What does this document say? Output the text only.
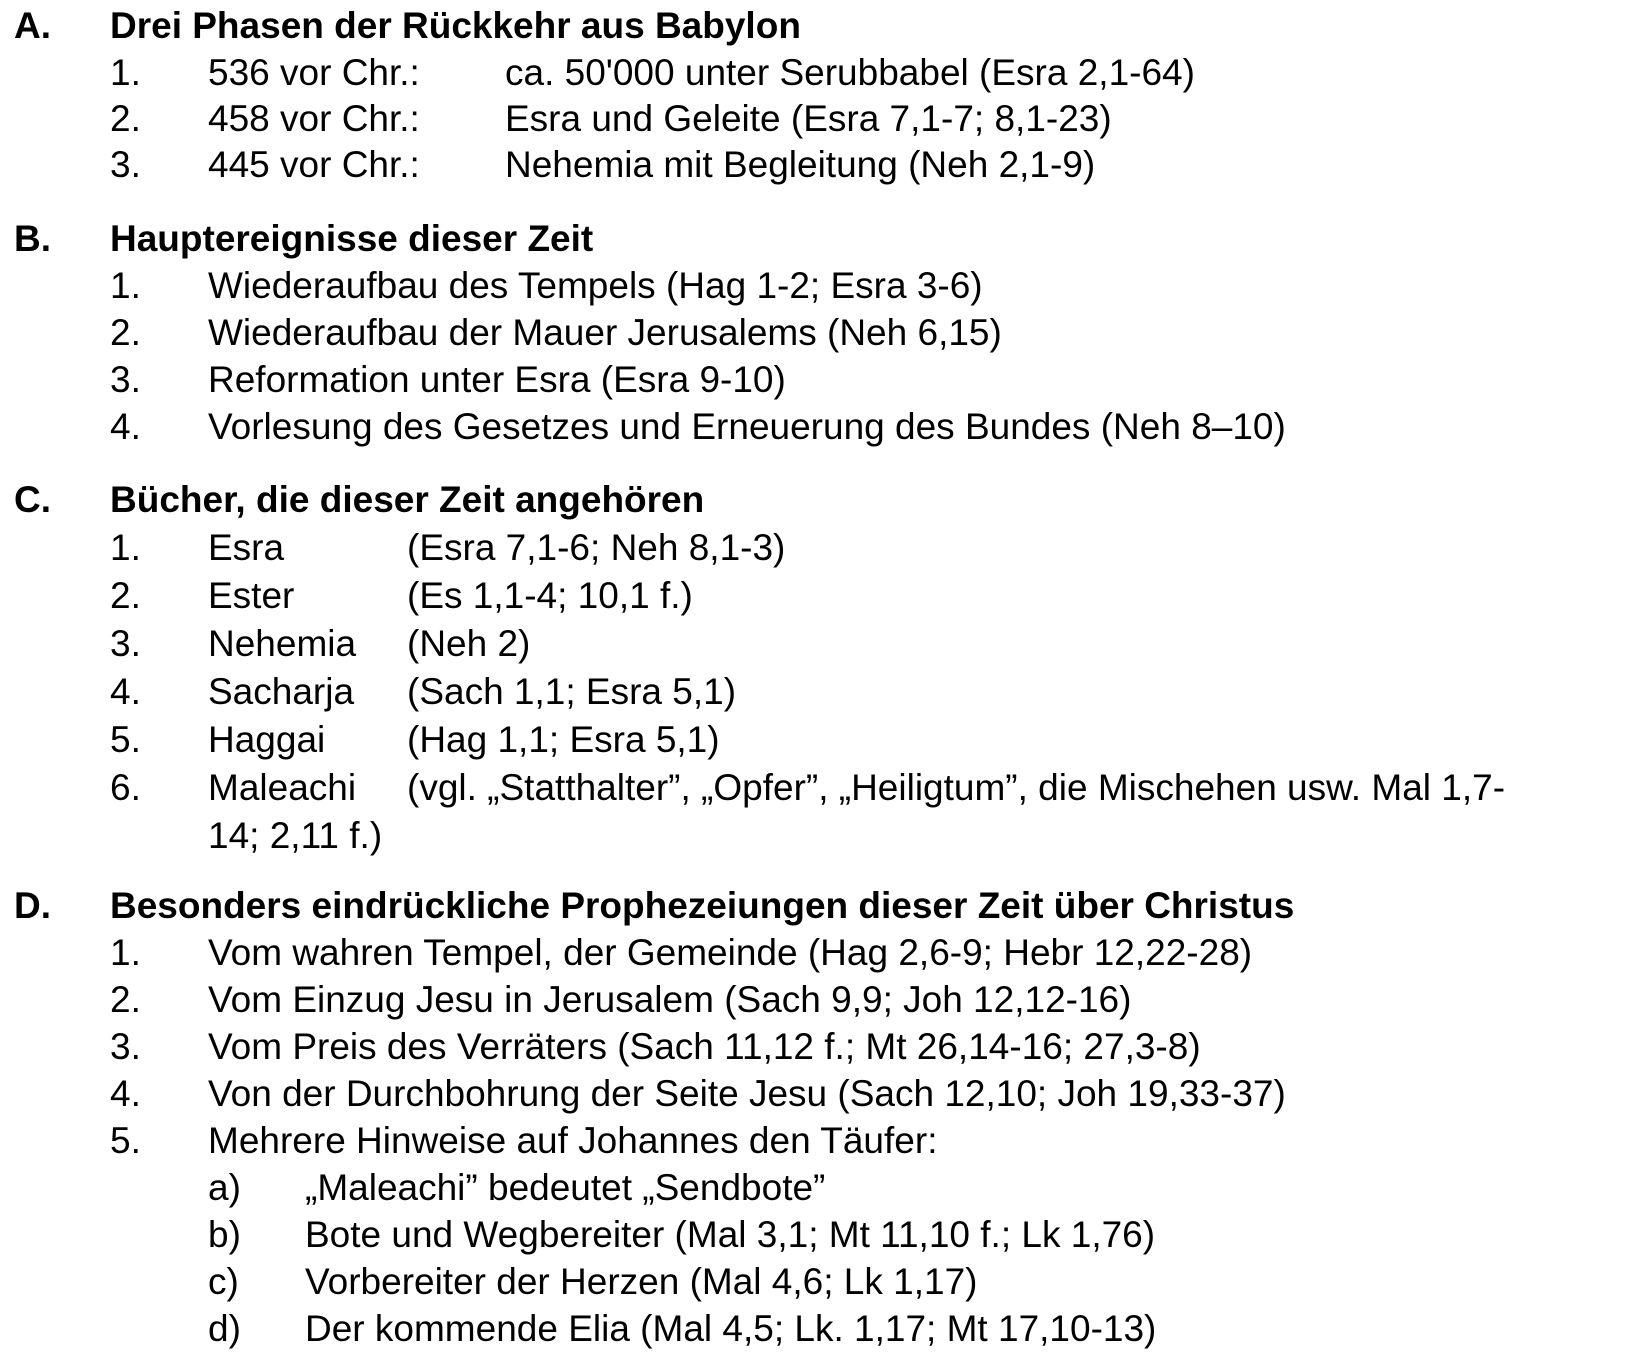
A. Drei Phasen der Rückkehr aus Babylon
1. 536 vor Chr.: ca. 50'000 unter Serubbabel (Esra 2,1-64)
2. 458 vor Chr.: Esra und Geleite (Esra 7,1-7; 8,1-23)
3. 445 vor Chr.: Nehemia mit Begleitung (Neh 2,1-9)
B. Hauptereignisse dieser Zeit
1. Wiederaufbau des Tempels (Hag 1-2; Esra 3-6)
2. Wiederaufbau der Mauer Jerusalems (Neh 6,15)
3. Reformation unter Esra (Esra 9-10)
4. Vorlesung des Gesetzes und Erneuerung des Bundes (Neh 8–10)
C. Bücher, die dieser Zeit angehören
1. Esra	(Esra 7,1-6; Neh 8,1-3)
2. Ester	(Es 1,1-4; 10,1 f.)
3. Nehemia (Neh 2)
4. Sacharja (Sach 1,1; Esra 5,1)
5. Haggai (Hag 1,1; Esra 5,1)
6. Maleachi (vgl. „Statthalter”, „Opfer”, „Heiligtum”, die Mischehen usw. Mal 1,7-
14; 2,11 f.)
D. Besonders eindrückliche Prophezeiungen dieser Zeit über Christus
1. Vom wahren Tempel, der Gemeinde (Hag 2,6-9; Hebr 12,22-28)
2. Vom Einzug Jesu in Jerusalem (Sach 9,9; Joh 12,12-16)
3. Vom Preis des Verräters (Sach 11,12 f.; Mt 26,14-16; 27,3-8)
4. Von der Durchbohrung der Seite Jesu (Sach 12,10; Joh 19,33-37)
5. Mehrere Hinweise auf Johannes den Täufer:
a) „Maleachi” bedeutet „Sendbote”
b) Bote und Wegbereiter (Mal 3,1; Mt 11,10 f.; Lk 1,76)
c) Vorbereiter der Herzen (Mal 4,6; Lk 1,17)
d) Der kommende Elia (Mal 4,5; Lk. 1,17; Mt 17,10-13)
